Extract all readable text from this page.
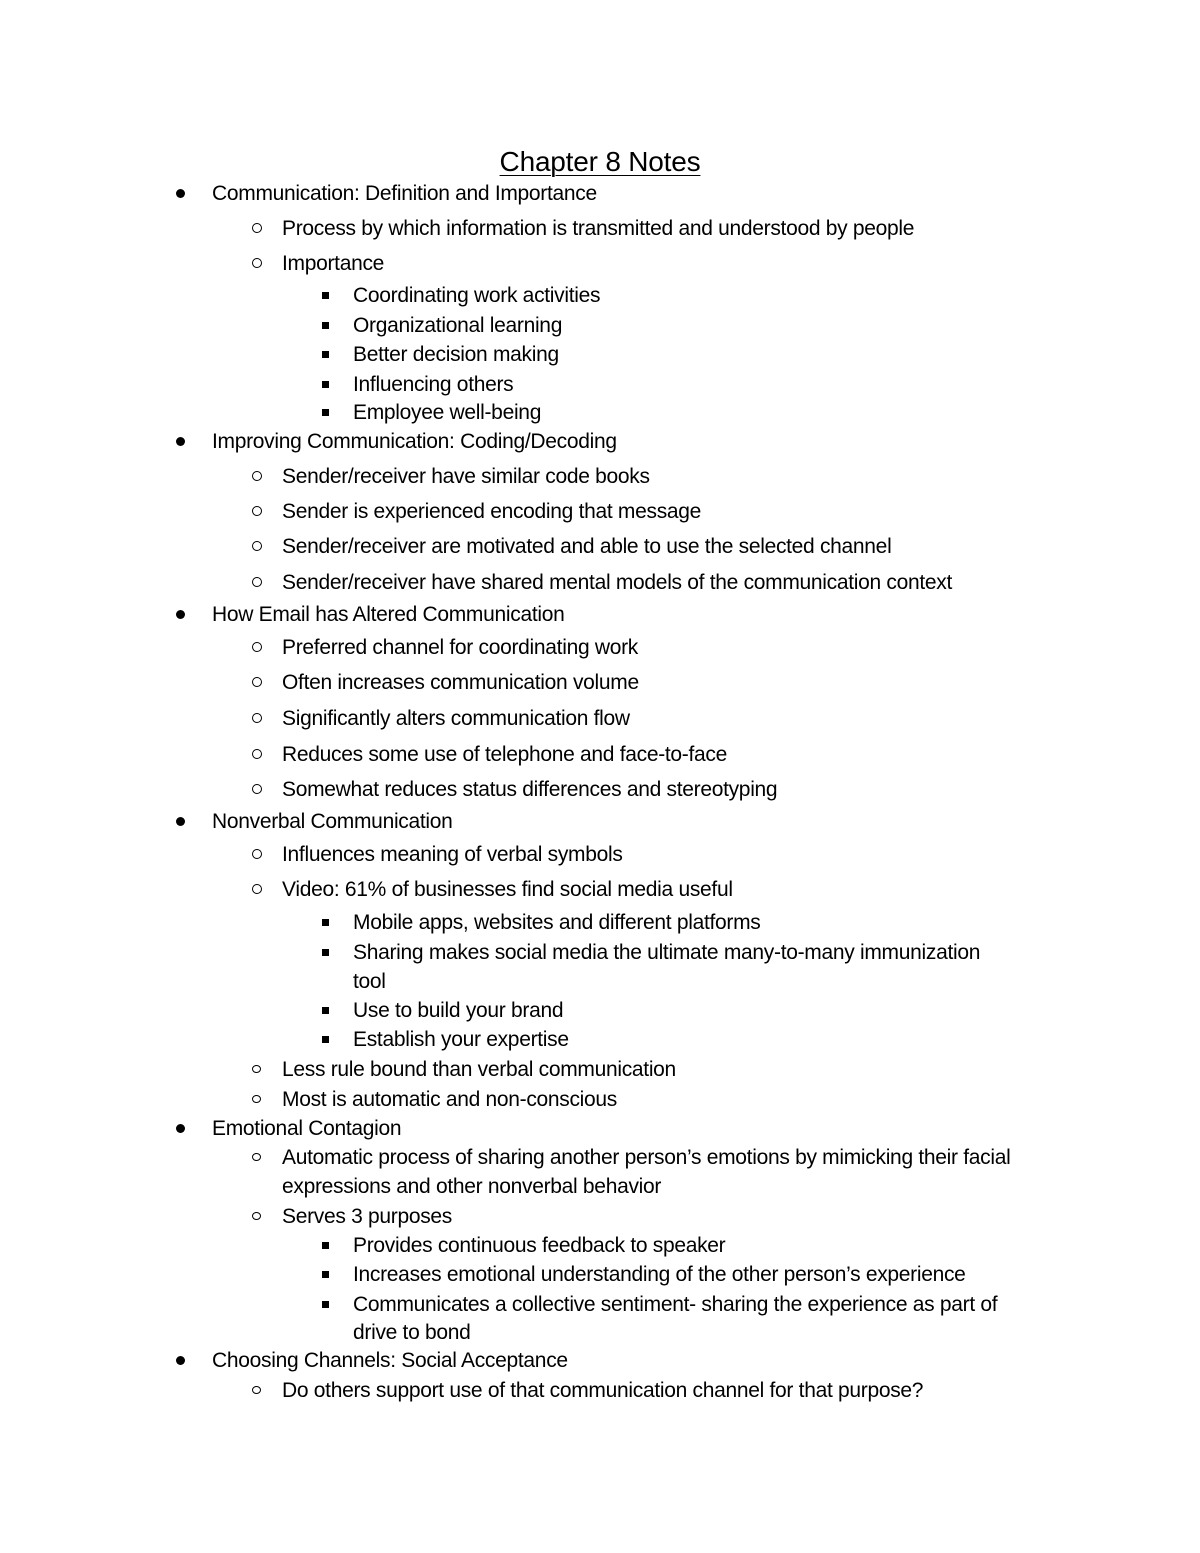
Chapter 8 Notes
Communication: Definition and Importance
Process by which information is transmitted and understood by people
Importance
Coordinating work activities
Organizational learning
Better decision making
Influencing others
Employee well-being
Improving Communication: Coding/Decoding
Sender/receiver have similar code books
Sender is experienced encoding that message
Sender/receiver are motivated and able to use the selected channel
Sender/receiver have shared mental models of the communication context
How Email has Altered Communication
Preferred channel for coordinating work
Often increases communication volume
Significantly alters communication flow
Reduces some use of telephone and face-to-face
Somewhat reduces status differences and stereotyping
Nonverbal Communication
Influences meaning of verbal symbols
Video: 61% of businesses find social media useful
Mobile apps, websites and different platforms
Sharing makes social media the ultimate many-to-many immunization
tool
Use to build your brand
Establish your expertise
Less rule bound than verbal communication
Most is automatic and non-conscious
Emotional Contagion
Automatic process of sharing another person’s emotions by mimicking their facial
expressions and other nonverbal behavior
Serves 3 purposes
Provides continuous feedback to speaker
Increases emotional understanding of the other person’s experience
Communicates a collective sentiment- sharing the experience as part of
drive to bond
Choosing Channels: Social Acceptance
Do others support use of that communication channel for that purpose?
